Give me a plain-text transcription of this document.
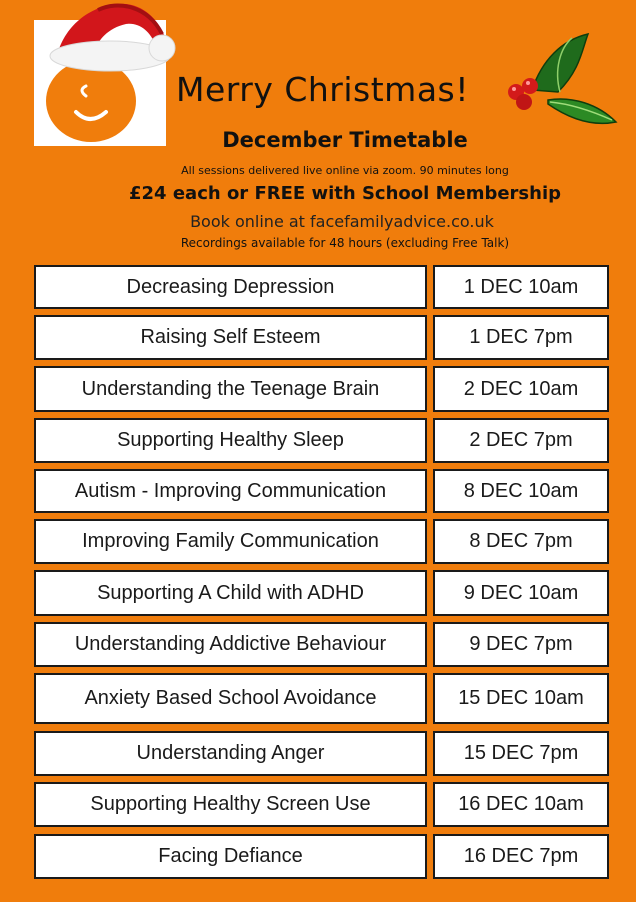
Merry Christmas!
December Timetable
All sessions delivered live online via zoom. 90 minutes long
£24 each or FREE with School Membership
Book online at facefamilyadvice.co.uk
Recordings available for 48 hours (excluding Free Talk)
Decreasing Depression	1 DEC 10am
Raising Self Esteem	1 DEC 7pm
Understanding the Teenage Brain	2 DEC 10am
Supporting Healthy Sleep	2 DEC 7pm
Autism - Improving Communication	8 DEC 10am
Improving Family Communication	8 DEC 7pm
Supporting A Child with ADHD	9 DEC 10am
Understanding Addictive Behaviour	9 DEC 7pm
Anxiety Based School Avoidance	15 DEC 10am
Understanding Anger	15 DEC 7pm
Supporting Healthy Screen Use	16 DEC 10am
Facing Defiance	16 DEC 7pm
